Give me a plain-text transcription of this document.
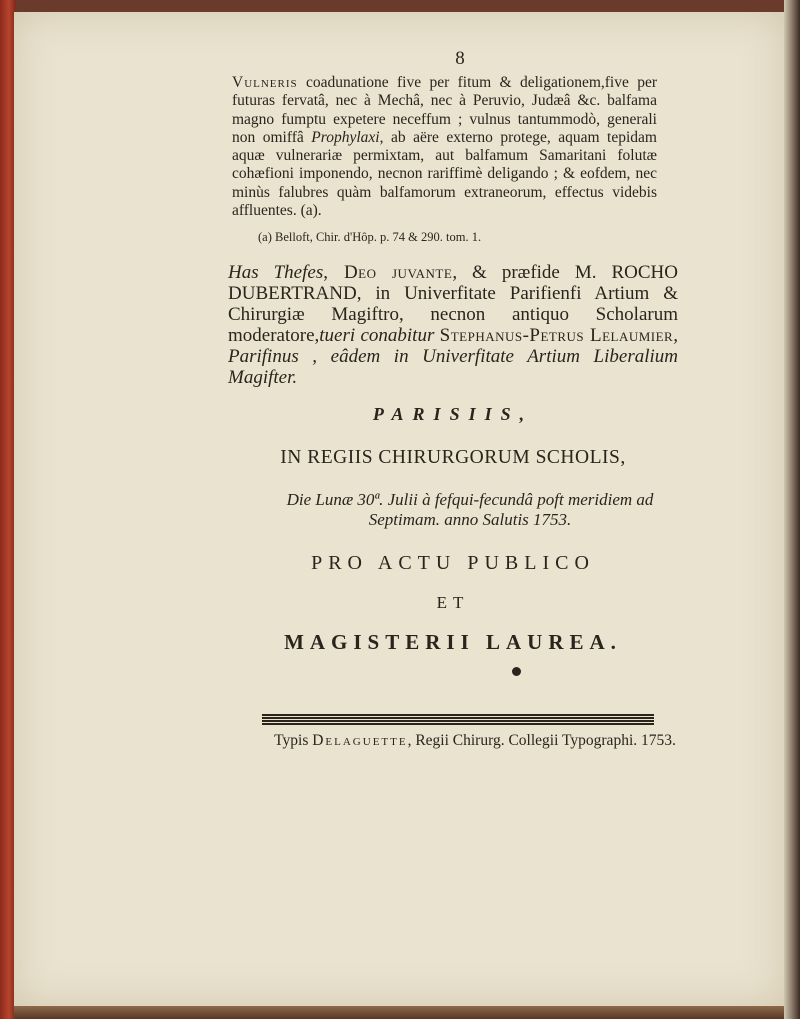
8
Vulneris coadunatione five per fitum & deligationem,five per futuras fervatâ, nec à Mechâ, nec à Peruvio, Judæâ &c. balfama magno fumptu expetere neceffum ; vulnus tantummodò, generali non omiffâ Prophylaxi, ab aëre externo protege, aquam tepidam aquæ vulnerariæ permixtam, aut balfamum Samaritani folutæ cohæfioni imponendo, necnon rariffimè deligando ; & eofdem, nec minùs falubres quàm balfamorum extraneorum, effectus videbis affluentes. (a).
(a) Belloft, Chir. d'Hôp. p. 74 & 290. tom. 1.
Has Thefes, Deo juvante, & præfide M. ROCHO DUBERTRAND, in Univerfitate Parifienfi Artium & Chirurgiæ Magiftro, necnon antiquo Scholarum moderatore,tueri conabitur Stephanus-Petrus Lelaumier, Parifinus , eâdem in Univerfitate Artium Liberalium Magifter.
PARISIIS,
IN REGIIS CHIRURGORUM SCHOLIS,
Die Lunæ 30ª. Julii à fefqui-fecundâ poft meridiem ad Septimam. anno Salutis 1753.
PRO ACTU PUBLICO
ET
MAGISTERII LAUREA.
Typis Delaguette, Regii Chirurg. Collegii Typographi. 1753.
